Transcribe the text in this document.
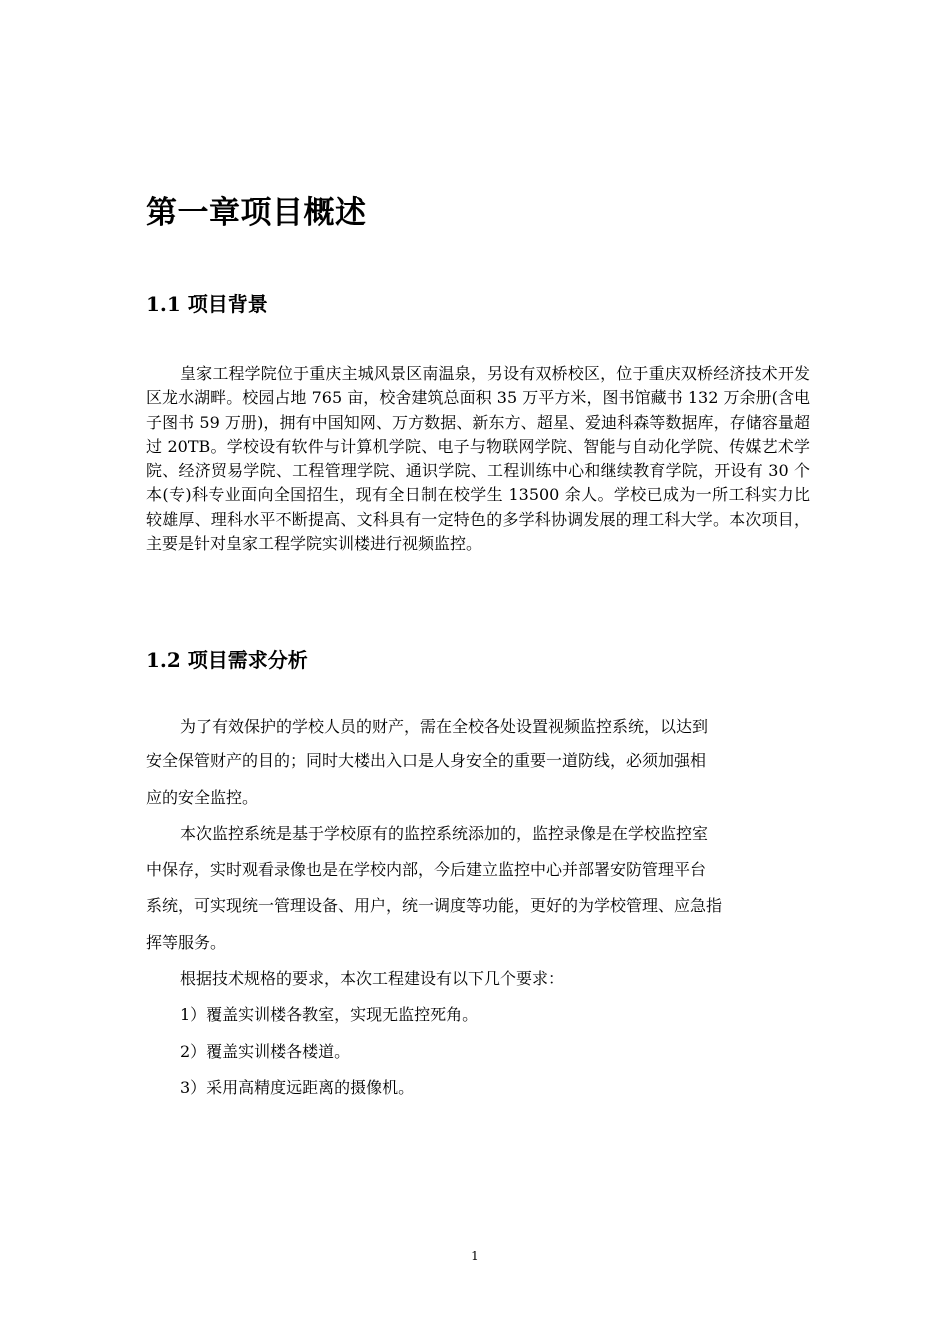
第一章项目概述
1.1 项目背景

皇家工程学院位于重庆主城风景区南温泉，另设有双桥校区，位于重庆双桥经济技术开发区龙水湖畔。校园占地 765 亩，校舍建筑总面积 35 万平方米，图书馆藏书 132 万余册(含电子图书 59 万册)，拥有中国知网、万方数据、新东方、超星、爱迪科森等数据库，存储容量超过 20TB。学校设有软件与计算机学院、电子与物联网学院、智能与自动化学院、传媒艺术学院、经济贸易学院、工程管理学院、通识学院、工程训练中心和继续教育学院，开设有 30 个本(专)科专业面向全国招生，现有全日制在校学生 13500 余人。学校已成为一所工科实力比较雄厚、理科水平不断提高、文科具有一定特色的多学科协调发展的理工科大学。本次项目，主要是针对皇家工程学院实训楼进行视频监控。

1.2 项目需求分析

为了有效保护的学校人员的财产，需在全校各处设置视频监控系统，以达到

安全保管财产的目的；同时大楼出入口是人身安全的重要一道防线，必须加强相

应的安全监控。

本次监控系统是基于学校原有的监控系统添加的，监控录像是在学校监控室

中保存，实时观看录像也是在学校内部，今后建立监控中心并部署安防管理平台

系统，可实现统一管理设备、用户，统一调度等功能，更好的为学校管理、应急指

挥等服务。

根据技术规格的要求，本次工程建设有以下几个要求：

1）覆盖实训楼各教室，实现无监控死角。

2）覆盖实训楼各楼道。

3）采用高精度远距离的摄像机。

1
